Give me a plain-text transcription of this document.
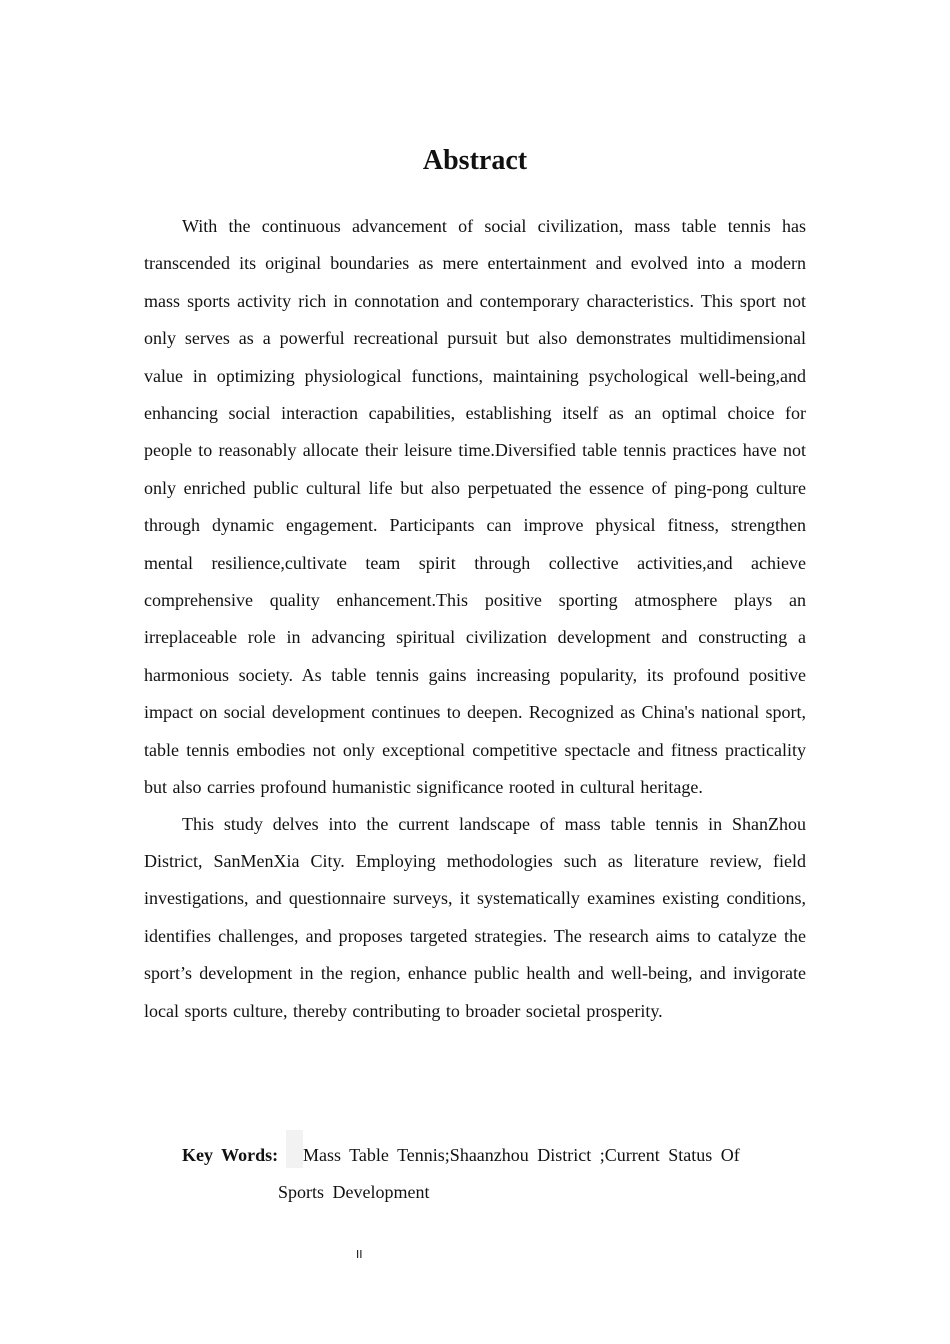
Abstract

With the continuous advancement of social civilization, mass table tennis has transcended its original boundaries as mere entertainment and evolved into a modern mass sports activity rich in connotation and contemporary characteristics. This sport not only serves as a powerful recreational pursuit but also demonstrates multidimensional value in optimizing physiological functions, maintaining psychological well-being,and enhancing social interaction capabilities, establishing itself as an optimal choice for people to reasonably allocate their leisure time.Diversified table tennis practices have not only enriched public cultural life but also perpetuated the essence of ping-pong culture through dynamic engagement. Participants can improve physical fitness, strengthen mental resilience,cultivate team spirit through collective activities,and achieve comprehensive quality enhancement.This positive sporting atmosphere plays an irreplaceable role in advancing spiritual civilization development and constructing a harmonious society. As table tennis gains increasing popularity, its profound positive impact on social development continues to deepen. Recognized as China's national sport, table tennis embodies not only exceptional competitive spectacle and fitness practicality but also carries profound humanistic significance rooted in cultural heritage.

This study delves into the current landscape of mass table tennis in ShanZhou District, SanMenXia City. Employing methodologies such as literature review, field investigations, and questionnaire surveys, it systematically examines existing conditions, identifies challenges, and proposes targeted strategies. The research aims to catalyze the sport’s development in the region, enhance public health and well-being, and invigorate local sports culture, thereby contributing to broader societal prosperity.

Key Words: Mass Table Tennis;Shaanzhou District ;Current Status Of
Sports Development
II
